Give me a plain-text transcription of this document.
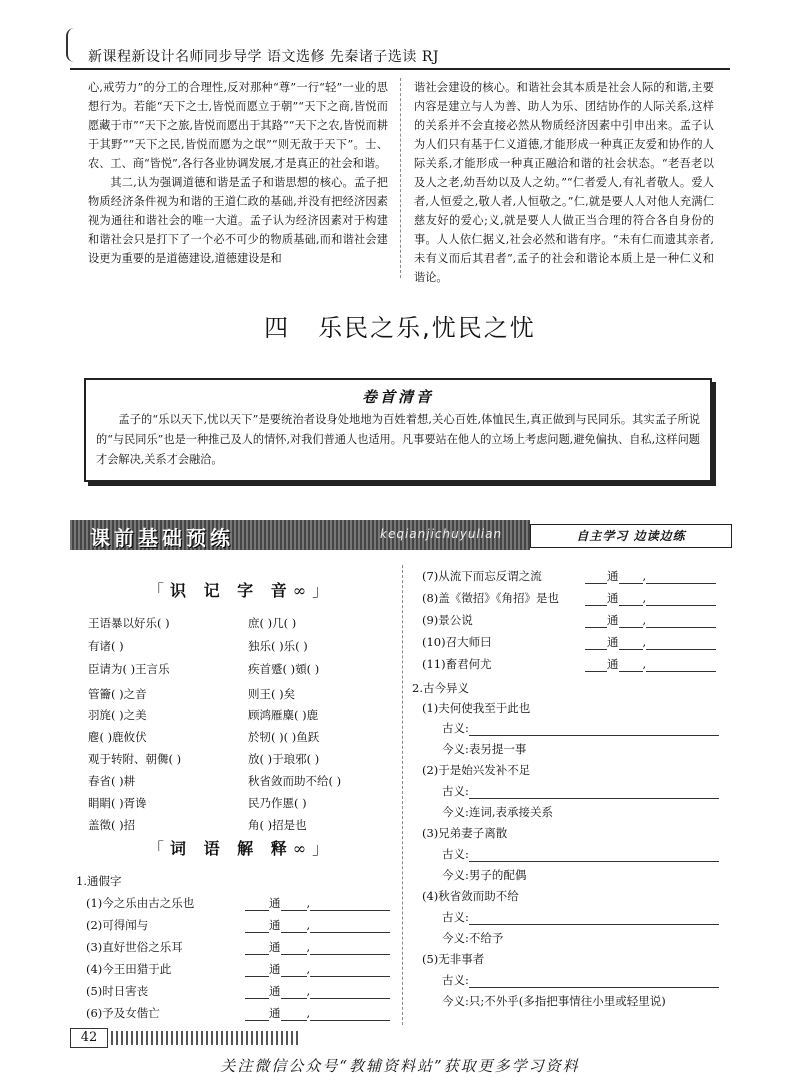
新课程新设计名师同步导学 语文选修 先秦诸子选读 RJ

心,戒劳力”的分工的合理性,反对那种“尊”一行“轻”一业的思想行为。若能“天下之士,皆悦而愿立于朝”“天下之商,皆悦而愿藏于市”“天下之旅,皆悦而愿出于其路”“天下之农,皆悦而耕于其野”“天下之民,皆悦而愿为之氓”“则无敌于天下”。士、农、工、商“皆悦”,各行各业协调发展,才是真正的社会和谐。

其二,认为强调道德和谐是孟子和谐思想的核心。孟子把物质经济条件视为和谐的王道仁政的基础,并没有把经济因素视为通往和谐社会的唯一大道。孟子认为经济因素对于构建和谐社会只是打下了一个必不可少的物质基础,而和谐社会建设更为重要的是道德建设,道德建设是和

谐社会建设的核心。和谐社会其本质是社会人际的和谐,主要内容是建立与人为善、助人为乐、团结协作的人际关系,这样的关系并不会直接必然从物质经济因素中引申出来。孟子认为人们只有基于仁义道德,才能形成一种真正友爱和协作的人际关系,才能形成一种真正融洽和谐的社会状态。“老吾老以及人之老,幼吾幼以及人之幼。”“仁者爱人,有礼者敬人。爱人者,人恒爱之,敬人者,人恒敬之。”仁,就是要人人对他人充满仁慈友好的爱心;义,就是要人人做正当合理的符合各自身份的事。人人依仁据义,社会必然和谐有序。“未有仁而遗其亲者,未有义而后其君者”,孟子的社会和谐论本质上是一种仁义和谐论。

四 乐民之乐,忧民之忧
卷首清音
孟子的“乐以天下,忧以天下”是要统治者设身处地地为百姓着想,关心百姓,体恤民生,真正做到与民同乐。其实孟子所说的“与民同乐”也是一种推己及人的情怀,对我们普通人也适用。凡事要站在他人的立场上考虑问题,避免偏执、自私,这样问题才会解决,关系才会融洽。
课前基础预练	keqianjichuyulian	自主学习 边读边练
「识 记 字 音∞」
王语暴以好乐( )	庶( )几( )
有诸( )	独乐( )乐( )
臣请为( )王言乐	疾首蹙( )頞( )
管籥( )之音	则王( )矣
羽旄( )之美	顾鸿雁麋( )鹿
麀( )鹿攸伏	於牣( )( )鱼跃
观于转附、朝儛( )	放( )于琅邪( )
春省( )耕	秋省敛而助不给( )
睊睊( )胥谗	民乃作慝( )
盖徵( )招	角( )招是也
「词 语 解 释∞」
1.通假字
(1)今之乐由古之乐也	通 ,
(2)可得闻与	通 ,
(3)直好世俗之乐耳	通 ,
(4)今王田猎于此	通 ,
(5)时日害丧	通 ,
(6)予及女偕亡	通 ,
(7)从流下而忘反谓之流	通 ,
(8)盖《徵招》《角招》是也	通 ,
(9)景公说	通 ,
(10)召大师曰	通 ,
(11)畜君何尤	通 ,
2.古今异义
(1)夫何使我至于此也
古义:
今义:表另提一事
(2)于是始兴发补不足
古义:
今义:连词,表承接关系
(3)兄弟妻子离散
古义:
今义:男子的配偶
(4)秋省敛而助不给
古义:
今义:不给予
(5)无非事者
古义:
今义:只;不外乎(多指把事情往小里或轻里说)
42
关注微信公众号“教辅资料站”获取更多学习资料
